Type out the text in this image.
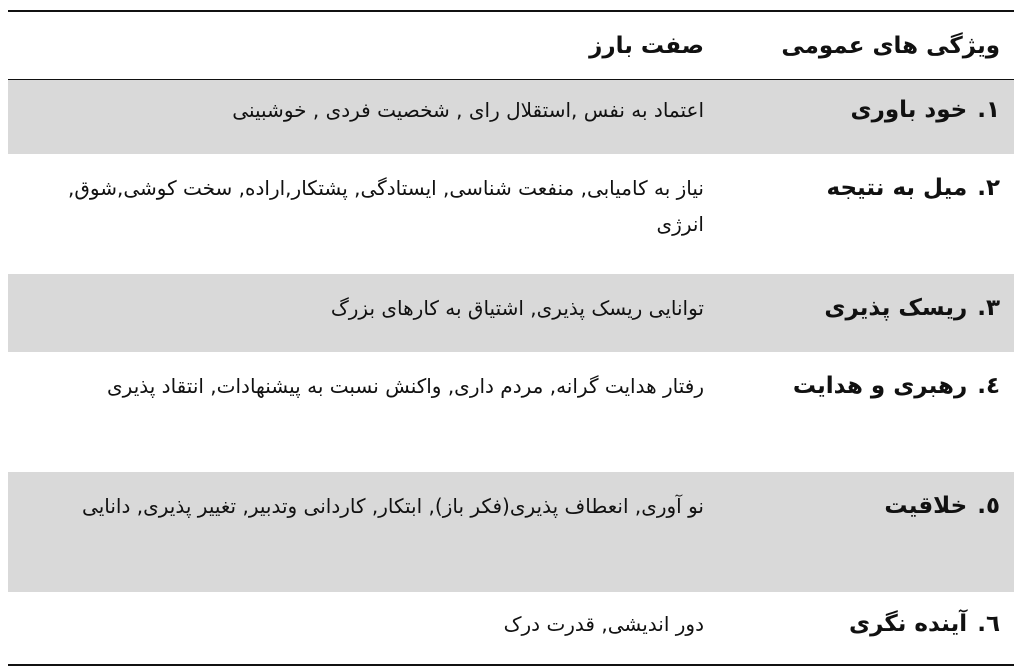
ویژگی های عمومی	صفت بارز
۱.خود باوری	اعتماد به نفس ,استقلال رای , شخصیت فردی , خوشبینی
۲.میل به نتیجه	نیاز به کامیابی, منفعت شناسی, ایستادگی, پشتکار,اراده, سخت کوشی,شوق, انرژی
۳.ریسک پذیری	توانایی ریسک پذیری, اشتیاق به کارهای بزرگ
٤.رهبری و هدایت	رفتار هدایت گرانه, مردم داری, واکنش نسبت به پیشنهادات, انتقاد پذیری
٥.خلاقیت	نو آوری, انعطاف پذیری(فکر باز), ابتکار, کاردانی وتدبیر, تغییر پذیری, دانایی
٦.آینده نگری	دور اندیشی, قدرت درک
